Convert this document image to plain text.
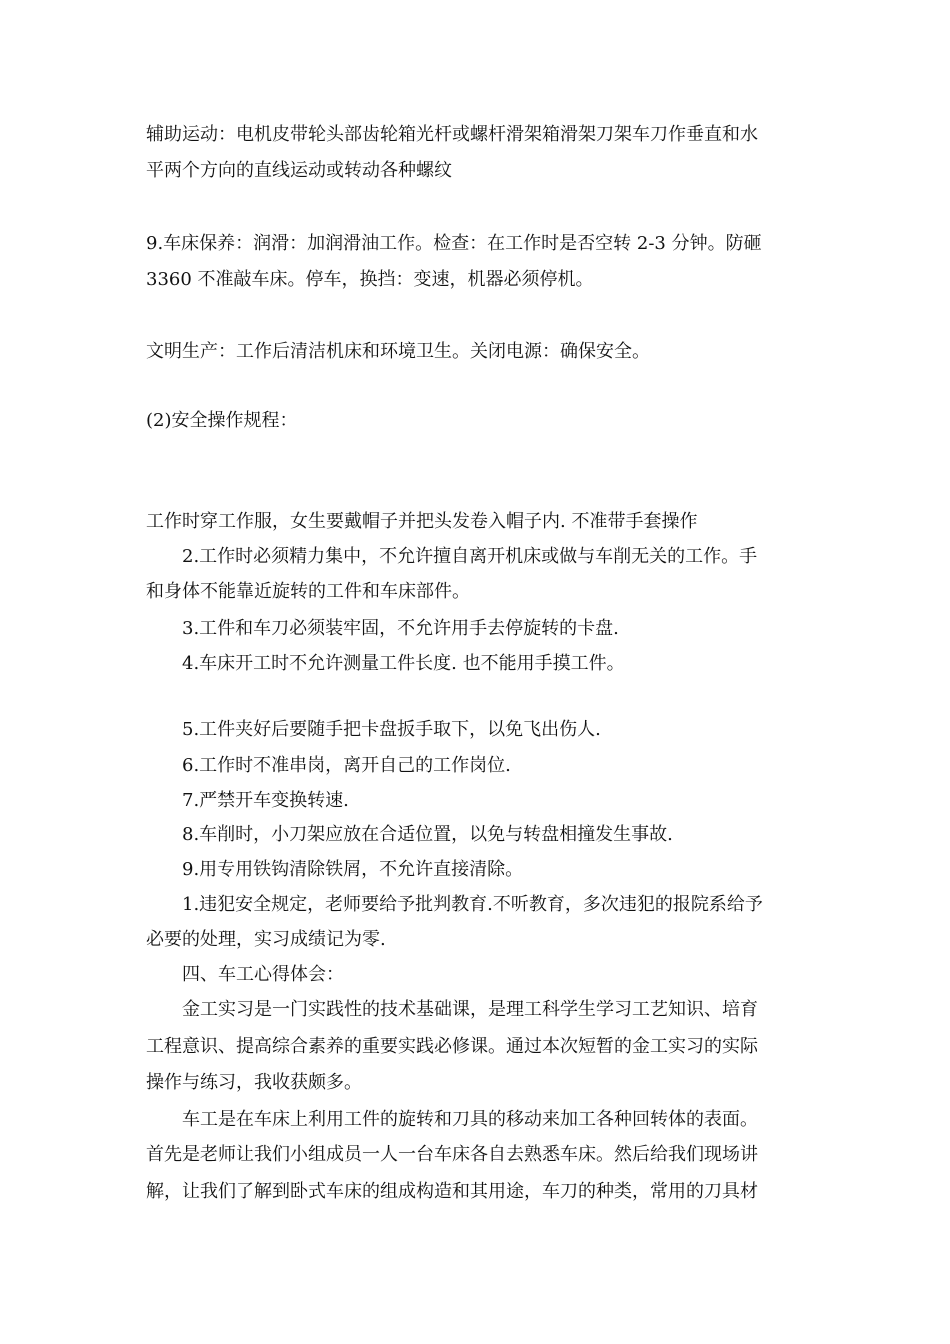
辅助运动：电机皮带轮头部齿轮箱光杆或螺杆滑架箱滑架刀架车刀作垂直和水
平两个方向的直线运动或转动各种螺纹
9.车床保养：润滑：加润滑油工作。检查：在工作时是否空转 2-3 分钟。防砸
3360 不准敲车床。停车，换挡：变速，机器必须停机。
文明生产：工作后清洁机床和环境卫生。关闭电源：确保安全。
(2)安全操作规程：
工作时穿工作服，女生要戴帽子并把头发卷入帽子内. 不准带手套操作
2.工作时必须精力集中，不允许擅自离开机床或做与车削无关的工作。手
和身体不能靠近旋转的工件和车床部件。
3.工件和车刀必须装牢固，不允许用手去停旋转的卡盘.
4.车床开工时不允许测量工件长度. 也不能用手摸工件。
5.工件夹好后要随手把卡盘扳手取下，以免飞出伤人.
6.工作时不准串岗，离开自己的工作岗位.
7.严禁开车变换转速.
8.车削时，小刀架应放在合适位置，以免与转盘相撞发生事故.
9.用专用铁钩清除铁屑，不允许直接清除。
1.违犯安全规定，老师要给予批判教育.不听教育，多次违犯的报院系给予
必要的处理，实习成绩记为零.
四、车工心得体会：
金工实习是一门实践性的技术基础课，是理工科学生学习工艺知识、培育
工程意识、提高综合素养的重要实践必修课。通过本次短暂的金工实习的实际
操作与练习，我收获颇多。
车工是在车床上利用工件的旋转和刀具的移动来加工各种回转体的表面。
首先是老师让我们小组成员一人一台车床各自去熟悉车床。然后给我们现场讲
解，让我们了解到卧式车床的组成构造和其用途，车刀的种类，常用的刀具材
